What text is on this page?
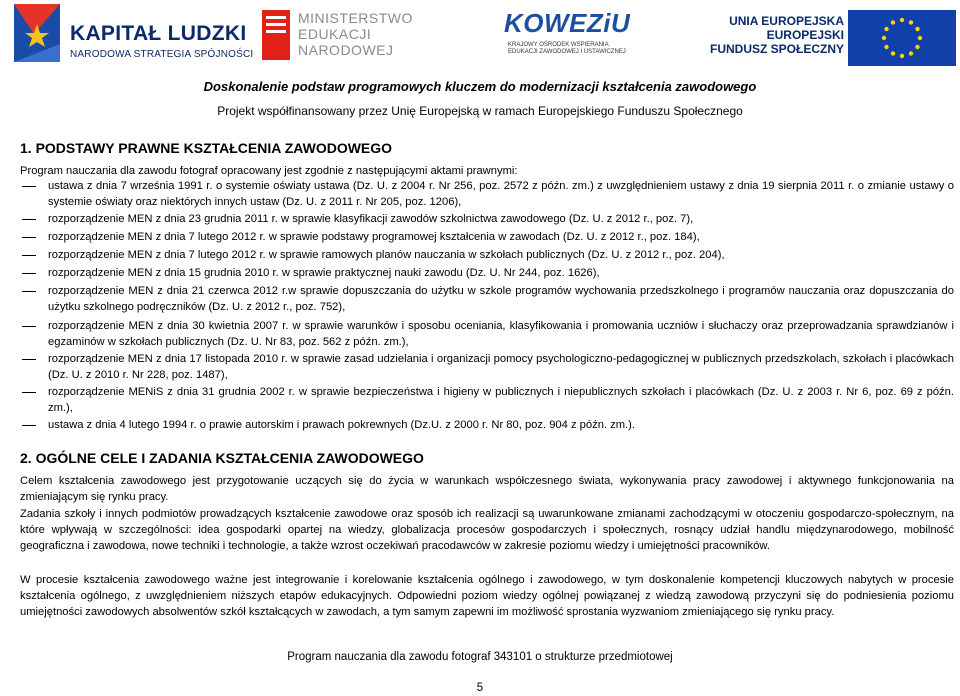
KAPITAŁ LUDZKI
NARODOWA STRATEGIA SPÓJNOŚCI
MINISTERSTWO
EDUKACJI
NARODOWEJ
KOWEZiU
KRAJOWY OŚRODEK WSPIERANIA
EDUKACJI ZAWODOWEJ I USTAWICZNEJ
UNIA EUROPEJSKA
EUROPEJSKI
FUNDUSZ SPOŁECZNY
Doskonalenie podstaw programowych kluczem do modernizacji kształcenia zawodowego
Projekt współfinansowany przez Unię Europejską w ramach Europejskiego Funduszu Społecznego
1. PODSTAWY PRAWNE KSZTAŁCENIA ZAWODOWEGO
Program nauczania dla zawodu fotograf opracowany jest zgodnie z następującymi aktami prawnymi:
ustawa z dnia 7 września 1991 r. o systemie oświaty ustawa (Dz. U. z 2004 r. Nr 256, poz. 2572 z późn. zm.) z uwzględnieniem ustawy z dnia 19 sierpnia 2011 r. o zmianie ustawy o systemie oświaty oraz niektórych innych ustaw (Dz. U. z 2011 r. Nr 205, poz. 1206),
rozporządzenie MEN z dnia 23 grudnia 2011 r. w sprawie klasyfikacji zawodów szkolnictwa zawodowego (Dz. U. z 2012 r., poz. 7),
rozporządzenie MEN z dnia 7 lutego 2012 r. w sprawie podstawy programowej kształcenia w zawodach (Dz. U. z 2012 r., poz. 184),
rozporządzenie MEN z dnia 7 lutego 2012 r. w sprawie ramowych planów nauczania w szkołach publicznych (Dz. U. z 2012 r., poz. 204),
rozporządzenie MEN z dnia 15 grudnia 2010 r. w sprawie praktycznej nauki zawodu (Dz. U. Nr 244, poz. 1626),
rozporządzenie MEN z dnia 21 czerwca 2012 r.w sprawie dopuszczania do użytku w szkole programów wychowania przedszkolnego i programów nauczania oraz dopuszczania do użytku szkolnego podręczników (Dz. U. z 2012 r., poz. 752),
rozporządzenie MEN z dnia 30 kwietnia 2007 r. w sprawie warunków i sposobu oceniania, klasyfikowania i promowania uczniów i słuchaczy oraz przeprowadzania sprawdzianów i egzaminów w szkołach publicznych (Dz. U. Nr 83, poz. 562 z późn. zm.),
rozporządzenie MEN z dnia 17 listopada 2010 r. w sprawie zasad udzielania i organizacji pomocy psychologiczno-pedagogicznej w publicznych przedszkolach, szkołach i placówkach (Dz. U. z 2010 r. Nr 228, poz. 1487),
rozporządzenie MENiS z dnia 31 grudnia 2002 r. w sprawie bezpieczeństwa i higieny w publicznych i niepublicznych szkołach i placówkach (Dz. U. z 2003 r. Nr 6, poz. 69 z późn. zm.),
ustawa z dnia 4 lutego 1994 r. o prawie autorskim i prawach pokrewnych (Dz.U. z 2000 r. Nr 80, poz. 904 z późn. zm.).
2. OGÓLNE CELE I ZADANIA KSZTAŁCENIA ZAWODOWEGO
Celem kształcenia zawodowego jest przygotowanie uczących się do życia w warunkach współczesnego świata, wykonywania pracy zawodowej i aktywnego funkcjonowania na zmieniającym się rynku pracy.
Zadania szkoły i innych podmiotów prowadzących kształcenie zawodowe oraz sposób ich realizacji są uwarunkowane zmianami zachodzącymi w otoczeniu gospodarczo-społecznym, na które wpływają w szczególności: idea gospodarki opartej na wiedzy, globalizacja procesów gospodarczych i społecznych, rosnący udział handlu międzynarodowego, mobilność geograficzna i zawodowa, nowe techniki i technologie, a także wzrost oczekiwań pracodawców w zakresie poziomu wiedzy i umiejętności pracowników.
W procesie kształcenia zawodowego ważne jest integrowanie i korelowanie kształcenia ogólnego i zawodowego, w tym doskonalenie kompetencji kluczowych nabytych w procesie kształcenia ogólnego, z uwzględnieniem niższych etapów edukacyjnych. Odpowiedni poziom wiedzy ogólnej powiązanej z wiedzą zawodową przyczyni się do podniesienia poziomu umiejętności zawodowych absolwentów szkół kształcących w zawodach, a tym samym zapewni im możliwość sprostania wyzwaniom zmieniającego się rynku pracy.
Program nauczania dla zawodu fotograf 343101 o strukturze przedmiotowej
5
